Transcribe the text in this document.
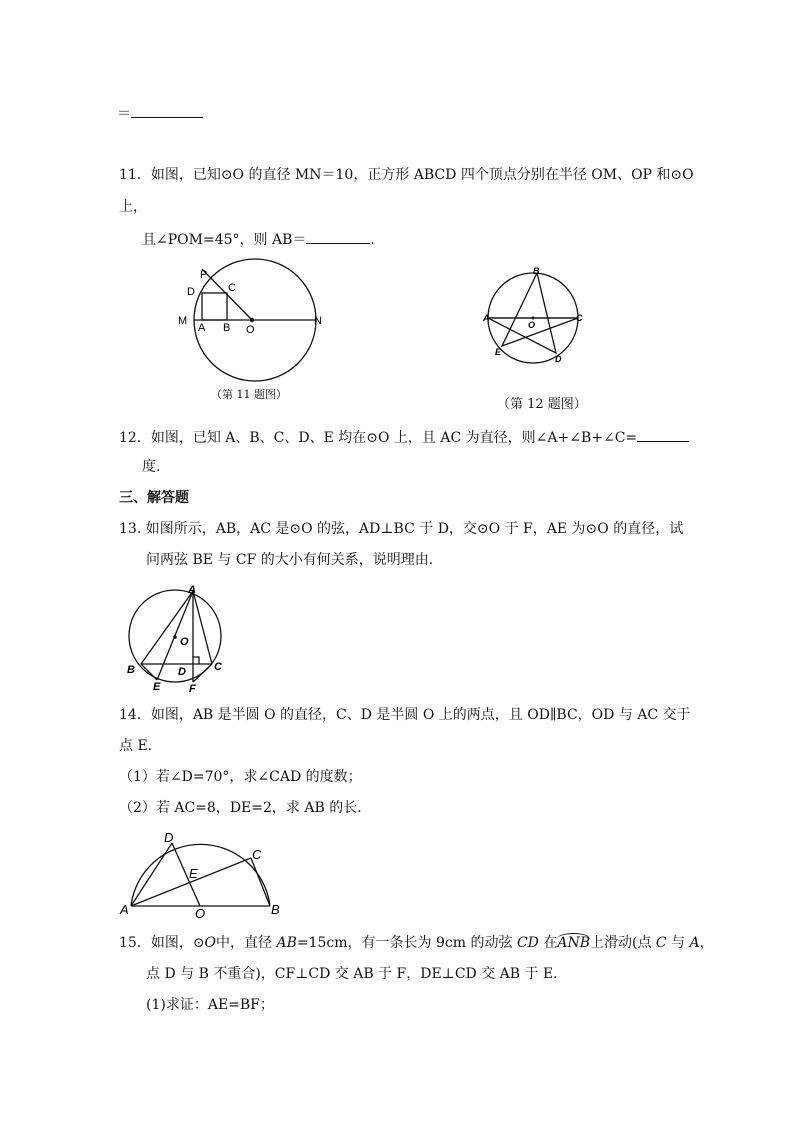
＝
11．如图，已知⊙O 的直径 MN＝10，正方形 ABCD 四个顶点分别在半径 OM、OP 和⊙O
上，
且∠POM=45°，则 AB＝	.
P
D	C
M
A B O
N
（第 11 题图）
B
A
O
C
E
D
（第 12 题图）
12．如图，已知 A、B、C、D、E 均在⊙O 上，且 AC 为直径，则∠A+∠B+∠C=
度．
三、解答题
13. 如图所示，AB，AC 是⊙O 的弦，AD⊥BC 于 D，交⊙O 于 F，AE 为⊙O 的直径，试
问两弦 BE 与 CF 的大小有何关系，说明理由．
A
O
B	D	C
E	F
14．如图，AB 是半圆 O 的直径，C、D 是半圆 O 上的两点，且 OD∥BC，OD 与 AC 交于
点 E．
（1）若∠D=70°，求∠CAD 的度数；
（2）若 AC=8，DE=2，求 AB 的长．
D
C
E
A	O	B
15．如图，⊙O中，直径 AB=15cm，有一条长为 9cm 的动弦 CD 在ANB上滑动(点 C 与 A，
点 D 与 B 不重合)，CF⊥CD 交 AB 于 F，DE⊥CD 交 AB 于 E．
(1)求证：AE=BF；
